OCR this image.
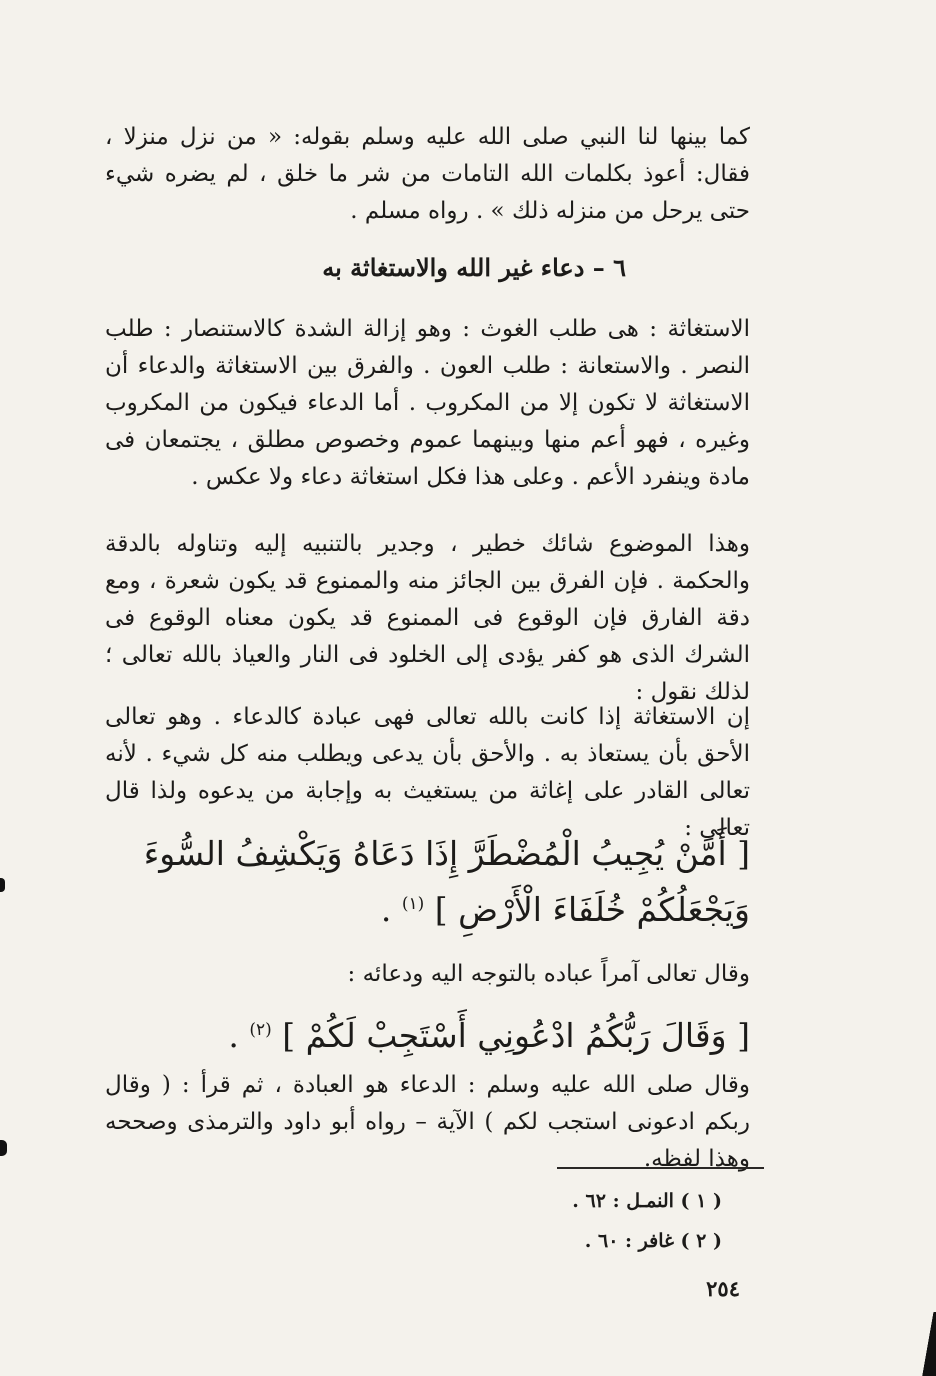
كما بينها لنا النبي صلى الله عليه وسلم بقوله: « من نزل منزلا ، فقال: أعوذ بكلمات الله التامات من شر ما خلق ، لم يضره شيء حتى يرحل من منزله ذلك » . رواه مسلم .

٦ – دعاء غير الله والاستغاثة به

الاستغاثة : هى طلب الغوث : وهو إزالة الشدة كالاستنصار : طلب النصر . والاستعانة : طلب العون . والفرق بين الاستغاثة والدعاء أن الاستغاثة لا تكون إلا من المكروب . أما الدعاء فيكون من المكروب وغيره ، فهو أعم منها وبينهما عموم وخصوص مطلق ، يجتمعان فى مادة وينفرد الأعم . وعلى هذا فكل استغاثة دعاء ولا عكس .

وهذا الموضوع شائك خطير ، وجدير بالتنبيه إليه وتناوله بالدقة والحكمة . فإن الفرق بين الجائز منه والممنوع قد يكون شعرة ، ومع دقة الفارق فإن الوقوع فى الممنوع قد يكون معناه الوقوع فى الشرك الذى هو كفر يؤدى إلى الخلود فى النار والعياذ بالله تعالى ؛ لذلك نقول :

إن الاستغاثة إذا كانت بالله تعالى فهى عبادة كالدعاء . وهو تعالى الأحق بأن يستعاذ به . والأحق بأن يدعى ويطلب منه كل شيء . لأنه تعالى القادر على إغاثة من يستغيث به وإجابة من يدعوه ولذا قال تعالى :

[ أَمَّنْ يُجِيبُ الْمُضْطَرَّ إِذَا دَعَاهُ وَيَكْشِفُ السُّوءَ وَيَجْعَلُكُمْ خُلَفَاءَ الْأَرْضِ ] $^{(١)}$ .

وقال تعالى آمراً عباده بالتوجه اليه ودعائه :

[ وَقَالَ رَبُّكُمُ ادْعُونِي أَسْتَجِبْ لَكُمْ ] $^{(٢)}$ .

وقال صلى الله عليه وسلم : الدعاء هو العبادة ، ثم قرأ : ( وقال ربكم ادعونى استجب لكم ) الآية – رواه أبو داود والترمذى وصححه وهذا لفظه.

( ١ ) النمـل : ٦٢ .
( ٢ ) غافر : ٦٠ .
٢٥٤
